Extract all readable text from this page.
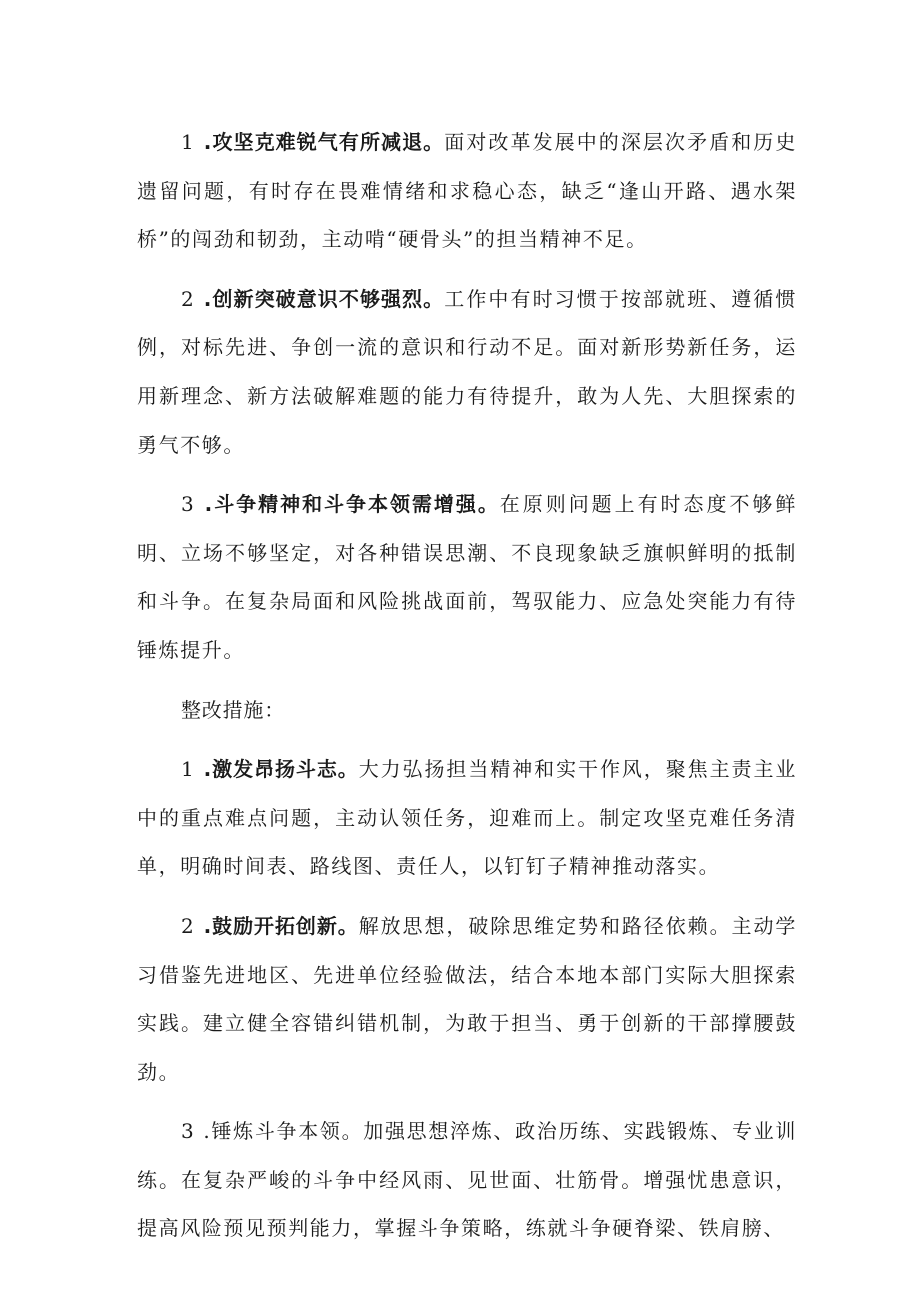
1 .攻坚克难锐气有所减退。面对改革发展中的深层次矛盾和历史遗留问题，有时存在畏难情绪和求稳心态，缺乏“逢山开路、遇水架桥”的闯劲和韧劲，主动啃“硬骨头”的担当精神不足。

2 .创新突破意识不够强烈。工作中有时习惯于按部就班、遵循惯例，对标先进、争创一流的意识和行动不足。面对新形势新任务，运用新理念、新方法破解难题的能力有待提升，敢为人先、大胆探索的勇气不够。

3 .斗争精神和斗争本领需增强。在原则问题上有时态度不够鲜明、立场不够坚定，对各种错误思潮、不良现象缺乏旗帜鲜明的抵制和斗争。在复杂局面和风险挑战面前，驾驭能力、应急处突能力有待锤炼提升。

整改措施：

1 .激发昂扬斗志。大力弘扬担当精神和实干作风，聚焦主责主业中的重点难点问题，主动认领任务，迎难而上。制定攻坚克难任务清单，明确时间表、路线图、责任人，以钉钉子精神推动落实。

2 .鼓励开拓创新。解放思想，破除思维定势和路径依赖。主动学习借鉴先进地区、先进单位经验做法，结合本地本部门实际大胆探索实践。建立健全容错纠错机制，为敢于担当、勇于创新的干部撑腰鼓劲。

3 .锤炼斗争本领。加强思想淬炼、政治历练、实践锻炼、专业训练。在复杂严峻的斗争中经风雨、见世面、壮筋骨。增强忧患意识，提高风险预见预判能力，掌握斗争策略，练就斗争硬脊梁、铁肩膀、
